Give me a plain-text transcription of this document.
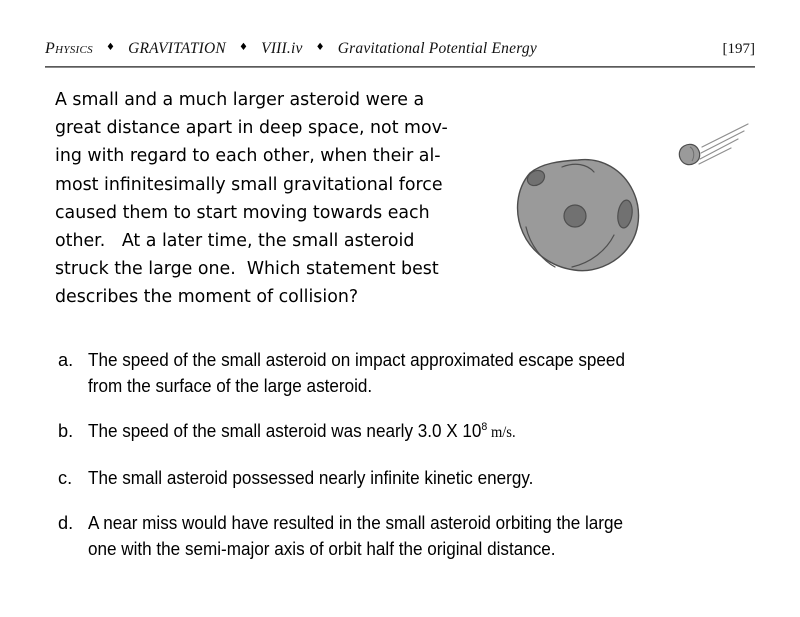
Physics	♦ GRAVITATION	♦ VIII.iv	♦ Gravitational Potential Energy	[197]
A small and a much larger asteroid were a
great distance apart in deep space, not mov-
ing with regard to each other, when their al-
most infinitesimally small gravitational force
caused them to start moving towards each
other.   At a later time, the small asteroid
struck the large one.  Which statement best
describes the moment of collision?
a. The speed of the small asteroid on impact approximated escape speed
from the surface of the large asteroid.
b. The speed of the small asteroid was nearly 3.0 X $10^8$ m/s.
c. The small asteroid possessed nearly infinite kinetic energy.
d. A near miss would have resulted in the small asteroid orbiting the large
one with the semi-major axis of orbit half the original distance.
